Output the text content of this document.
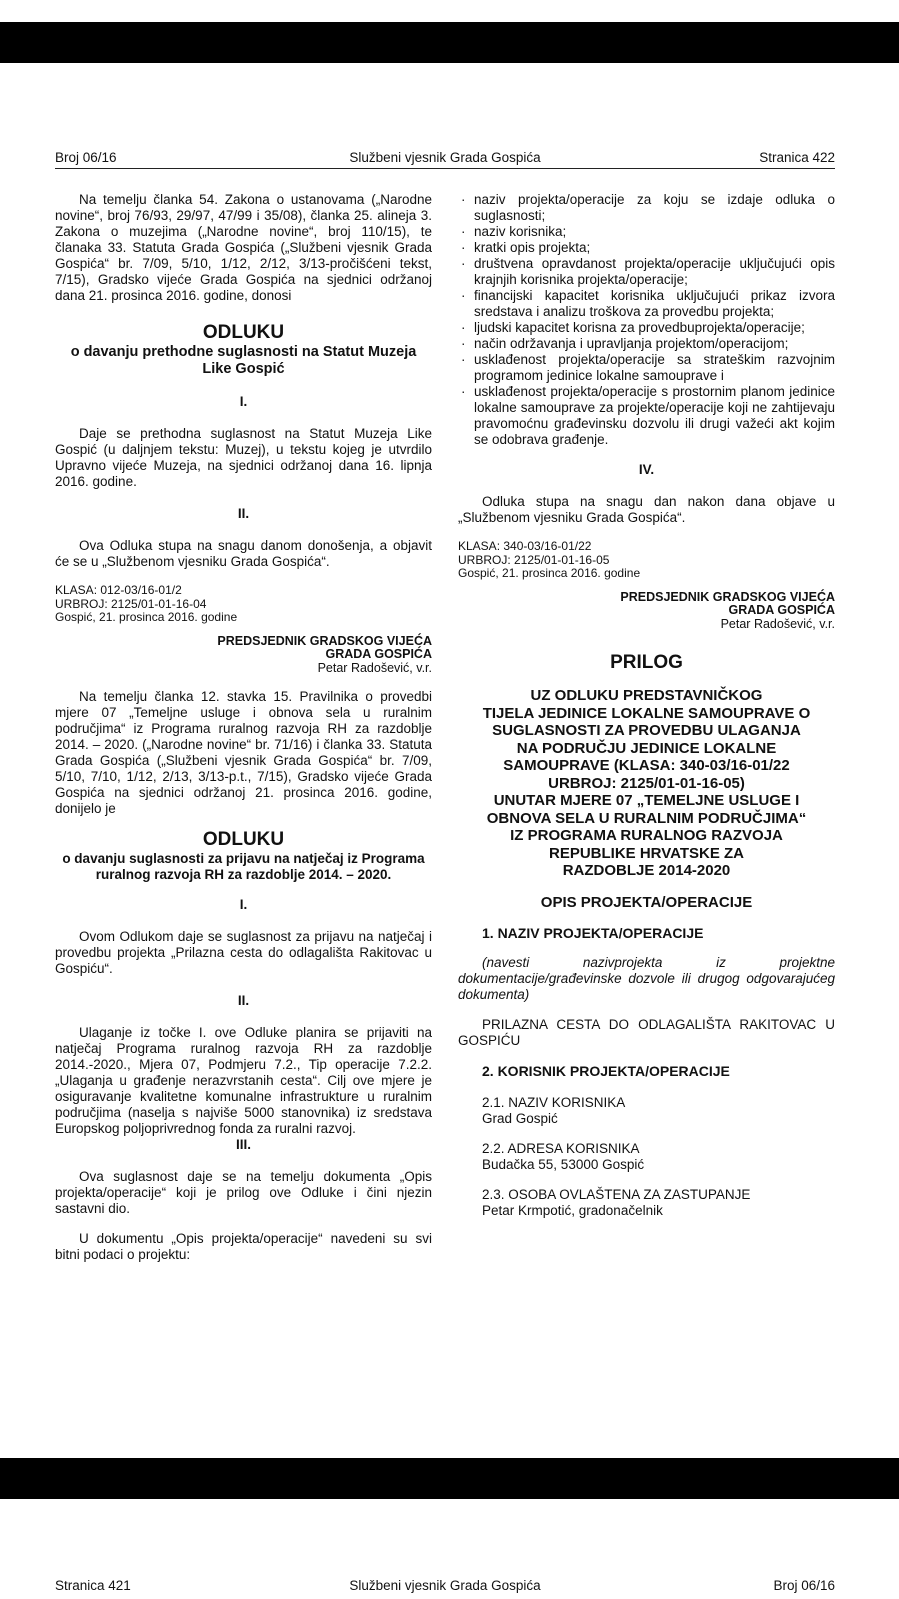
Broj 06/16	Službeni vjesnik Grada Gospića	Stranica 422

Na temelju članka 54. Zakona o ustanovama („Narodne novine“, broj 76/93, 29/97, 47/99 i 35/08), članka 25. alineja 3. Zakona o muzejima („Narodne novine“, broj 110/15), te članaka 33. Statuta Grada Gospića („Službeni vjesnik Grada Gospića“ br. 7/09, 5/10, 1/12, 2/12, 3/13-pročišćeni tekst, 7/15), Gradsko vijeće Grada Gospića na sjednici održanoj dana 21. prosinca 2016. godine, donosi

ODLUKU
o davanju prethodne suglasnosti na Statut Muzeja Like Gospić
I.

Daje se prethodna suglasnost na Statut Muzeja Like Gospić (u daljnjem tekstu: Muzej), u tekstu kojeg je utvrdilo Upravno vijeće Muzeja, na sjednici održanoj dana 16. lipnja 2016. godine.

II.

Ova Odluka stupa na snagu danom donošenja, a objavit će se u „Službenom vjesniku Grada Gospića“.

KLASA: 012-03/16-01/2
URBROJ: 2125/01-01-16-04
Gospić, 21. prosinca 2016. godine
PREDSJEDNIK GRADSKOG VIJEĆA
GRADA GOSPIĆA
Petar Radošević, v.r.

Na temelju članka 12. stavka 15. Pravilnika o provedbi mjere 07 „Temeljne usluge i obnova sela u ruralnim područjima“ iz Programa ruralnog razvoja RH za razdoblje 2014. – 2020. („Narodne novine“ br. 71/16) i članka 33. Statuta Grada Gospića („Službeni vjesnik Grada Gospića“ br. 7/09, 5/10, 7/10, 1/12, 2/13, 3/13-p.t., 7/15), Gradsko vijeće Grada Gospića na sjednici održanoj 21. prosinca 2016. godine, donijelo je

ODLUKU
o davanju suglasnosti za prijavu na natječaj iz Programa ruralnog razvoja RH za razdoblje 2014. – 2020.
I.

Ovom Odlukom daje se suglasnost za prijavu na natječaj i provedbu projekta „Prilazna cesta do odlagališta Rakitovac u Gospiću“.

II.

Ulaganje iz točke I. ove Odluke planira se prijaviti na natječaj Programa ruralnog razvoja RH za razdoblje 2014.-2020., Mjera 07, Podmjeru 7.2., Tip operacije 7.2.2. „Ulaganja u građenje nerazvrstanih cesta“. Cilj ove mjere je osiguravanje kvalitetne komunalne infrastrukture u ruralnim područjima (naselja s najviše 5000 stanovnika) iz sredstava Europskog poljoprivrednog fonda za ruralni razvoj.

III.

Ova suglasnost daje se na temelju dokumenta „Opis projekta/operacije“ koji je prilog ove Odluke i čini njezin sastavni dio.

U dokumentu „Opis projekta/operacije“ navedeni su svi bitni podaci o projektu:

· naziv projekta/operacije za koju se izdaje odluka o suglasnosti;
· naziv korisnika;
· kratki opis projekta;
· društvena opravdanost projekta/operacije uključujući opis krajnjih korisnika projekta/operacije;
· financijski kapacitet korisnika uključujući prikaz izvora sredstava i analizu troškova za provedbu projekta;
· ljudski kapacitet korisna za provedbuprojekta/operacije;
· način održavanja i upravljanja projektom/operacijom;
· usklađenost projekta/operacije sa strateškim razvojnim programom jedinice lokalne samouprave i
· usklađenost projekta/operacije s prostornim planom jedinice lokalne samouprave za projekte/operacije koji ne zahtijevaju pravomoćnu građevinsku dozvolu ili drugi važeći akt kojim se odobrava građenje.
IV.

Odluka stupa na snagu dan nakon dana objave u „Službenom vjesniku Grada Gospića“.

KLASA: 340-03/16-01/22
URBROJ: 2125/01-01-16-05
Gospić, 21. prosinca 2016. godine
PREDSJEDNIK GRADSKOG VIJEĆA
GRADA GOSPIĆA
Petar Radošević, v.r.
PRILOG
UZ ODLUKU PREDSTAVNIČKOG
TIJELA JEDINICE LOKALNE SAMOUPRAVE O
SUGLASNOSTI ZA PROVEDBU ULAGANJA
NA PODRUČJU JEDINICE LOKALNE
SAMOUPRAVE (KLASA: 340-03/16-01/22
URBROJ: 2125/01-01-16-05)
UNUTAR MJERE 07 „TEMELJNE USLUGE I
OBNOVA SELA U RURALNIM PODRUČJIMA“
IZ PROGRAMA RURALNOG RAZVOJA
REPUBLIKE HRVATSKE ZA
RAZDOBLJE 2014-2020
OPIS PROJEKTA/OPERACIJE
1. NAZIV PROJEKTA/OPERACIJE

(navesti nazivprojekta iz projektne dokumentacije/građevinske dozvole ili drugog odgovarajućeg dokumenta)

PRILAZNA CESTA DO ODLAGALIŠTA RAKITOVAC U GOSPIĆU

2. KORISNIK PROJEKTA/OPERACIJE
2.1. NAZIV KORISNIKA
Grad Gospić
2.2. ADRESA KORISNIKA
Budačka 55, 53000 Gospić
2.3. OSOBA OVLAŠTENA ZA ZASTUPANJE
Petar Krmpotić, gradonačelnik
Stranica 421	Službeni vjesnik Grada Gospića	Broj 06/16
